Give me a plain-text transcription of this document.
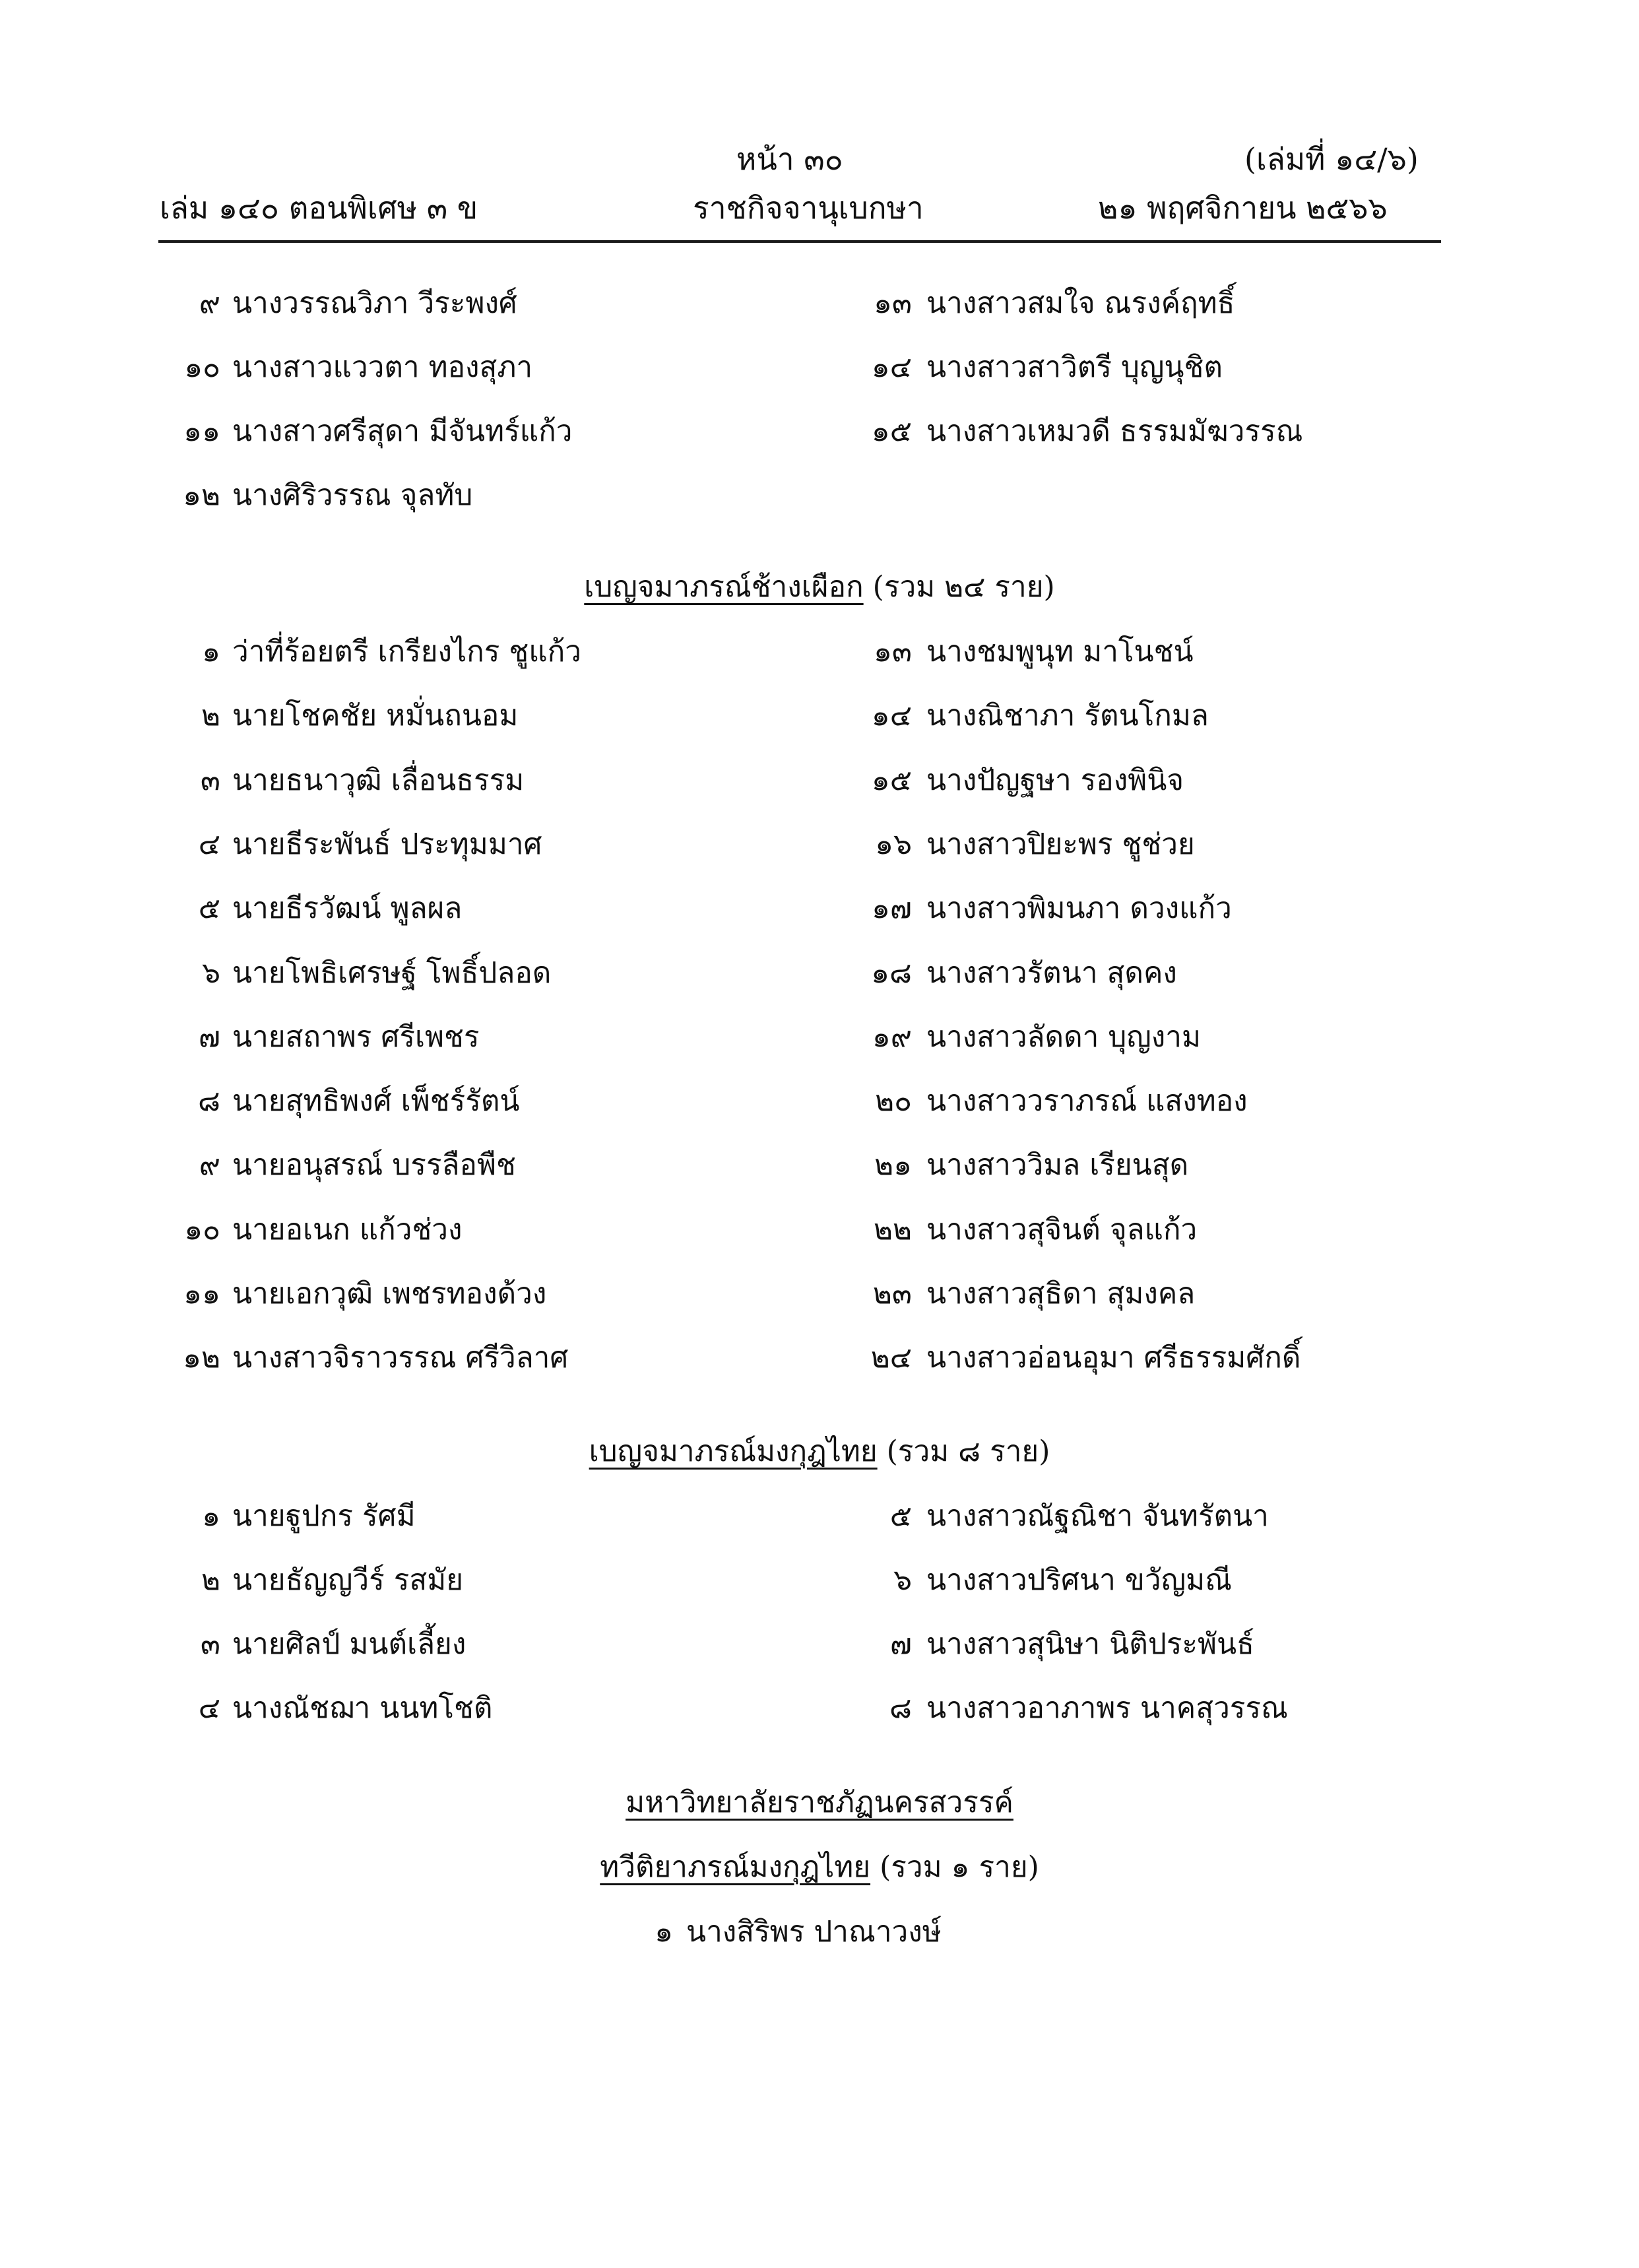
หน้า ๓๐	(เล่มที่ ๑๔/๖)
เล่ม ๑๔๐ ตอนพิเศษ ๓ ข	ราชกิจจานุเบกษา	๒๑ พฤศจิกายน ๒๕๖๖
๙ นางวรรณวิภา วีระพงศ์
๑๐ นางสาวแววตา ทองสุภา
๑๑ นางสาวศรีสุดา มีจันทร์แก้ว
๑๒ นางศิริวรรณ จุลทับ
๑๓ นางสาวสมใจ ณรงค์ฤทธิ์
๑๔ นางสาวสาวิตรี บุญนุชิต
๑๕ นางสาวเหมวดี ธรรมมัฆวรรณ
เบญจมาภรณ์ช้างเผือก (รวม ๒๔ ราย)
๑ ว่าที่ร้อยตรี เกรียงไกร ชูแก้ว
๒ นายโชคชัย หมั่นถนอม
๓ นายธนาวุฒิ เลื่อนธรรม
๔ นายธีระพันธ์ ประทุมมาศ
๕ นายธีรวัฒน์ พูลผล
๖ นายโพธิเศรษฐ์ โพธิ์ปลอด
๗ นายสถาพร ศรีเพชร
๘ นายสุทธิพงศ์ เพ็ชร์รัตน์
๙ นายอนุสรณ์ บรรลือพืช
๑๐ นายอเนก แก้วช่วง
๑๑ นายเอกวุฒิ เพชรทองด้วง
๑๒ นางสาวจิราวรรณ ศรีวิลาศ
๑๓ นางชมพูนุท มาโนชน์
๑๔ นางณิชาภา รัตนโกมล
๑๕ นางปัญฐษา รองพินิจ
๑๖ นางสาวปิยะพร ชูช่วย
๑๗ นางสาวพิมนภา ดวงแก้ว
๑๘ นางสาวรัตนา สุดคง
๑๙ นางสาวลัดดา บุญงาม
๒๐ นางสาววราภรณ์ แสงทอง
๒๑ นางสาววิมล เรียนสุด
๒๒ นางสาวสุจินต์ จุลแก้ว
๒๓ นางสาวสุธิดา สุมงคล
๒๔ นางสาวอ่อนอุมา ศรีธรรมศักดิ์
เบญจมาภรณ์มงกุฎไทย (รวม ๘ ราย)
๑ นายฐูปกร รัศมี
๒ นายธัญญวีร์ รสมัย
๓ นายศิลป์ มนต์เลี้ยง
๔ นางณัชฌา นนทโชติ
๕ นางสาวณัฐณิชา จันทรัตนา
๖ นางสาวปริศนา ขวัญมณี
๗ นางสาวสุนิษา นิติประพันธ์
๘ นางสาวอาภาพร นาคสุวรรณ
มหาวิทยาลัยราชภัฏนครสวรรค์
ทวีติยาภรณ์มงกุฎไทย (รวม ๑ ราย)
๑ นางสิริพร ปาณาวงษ์
